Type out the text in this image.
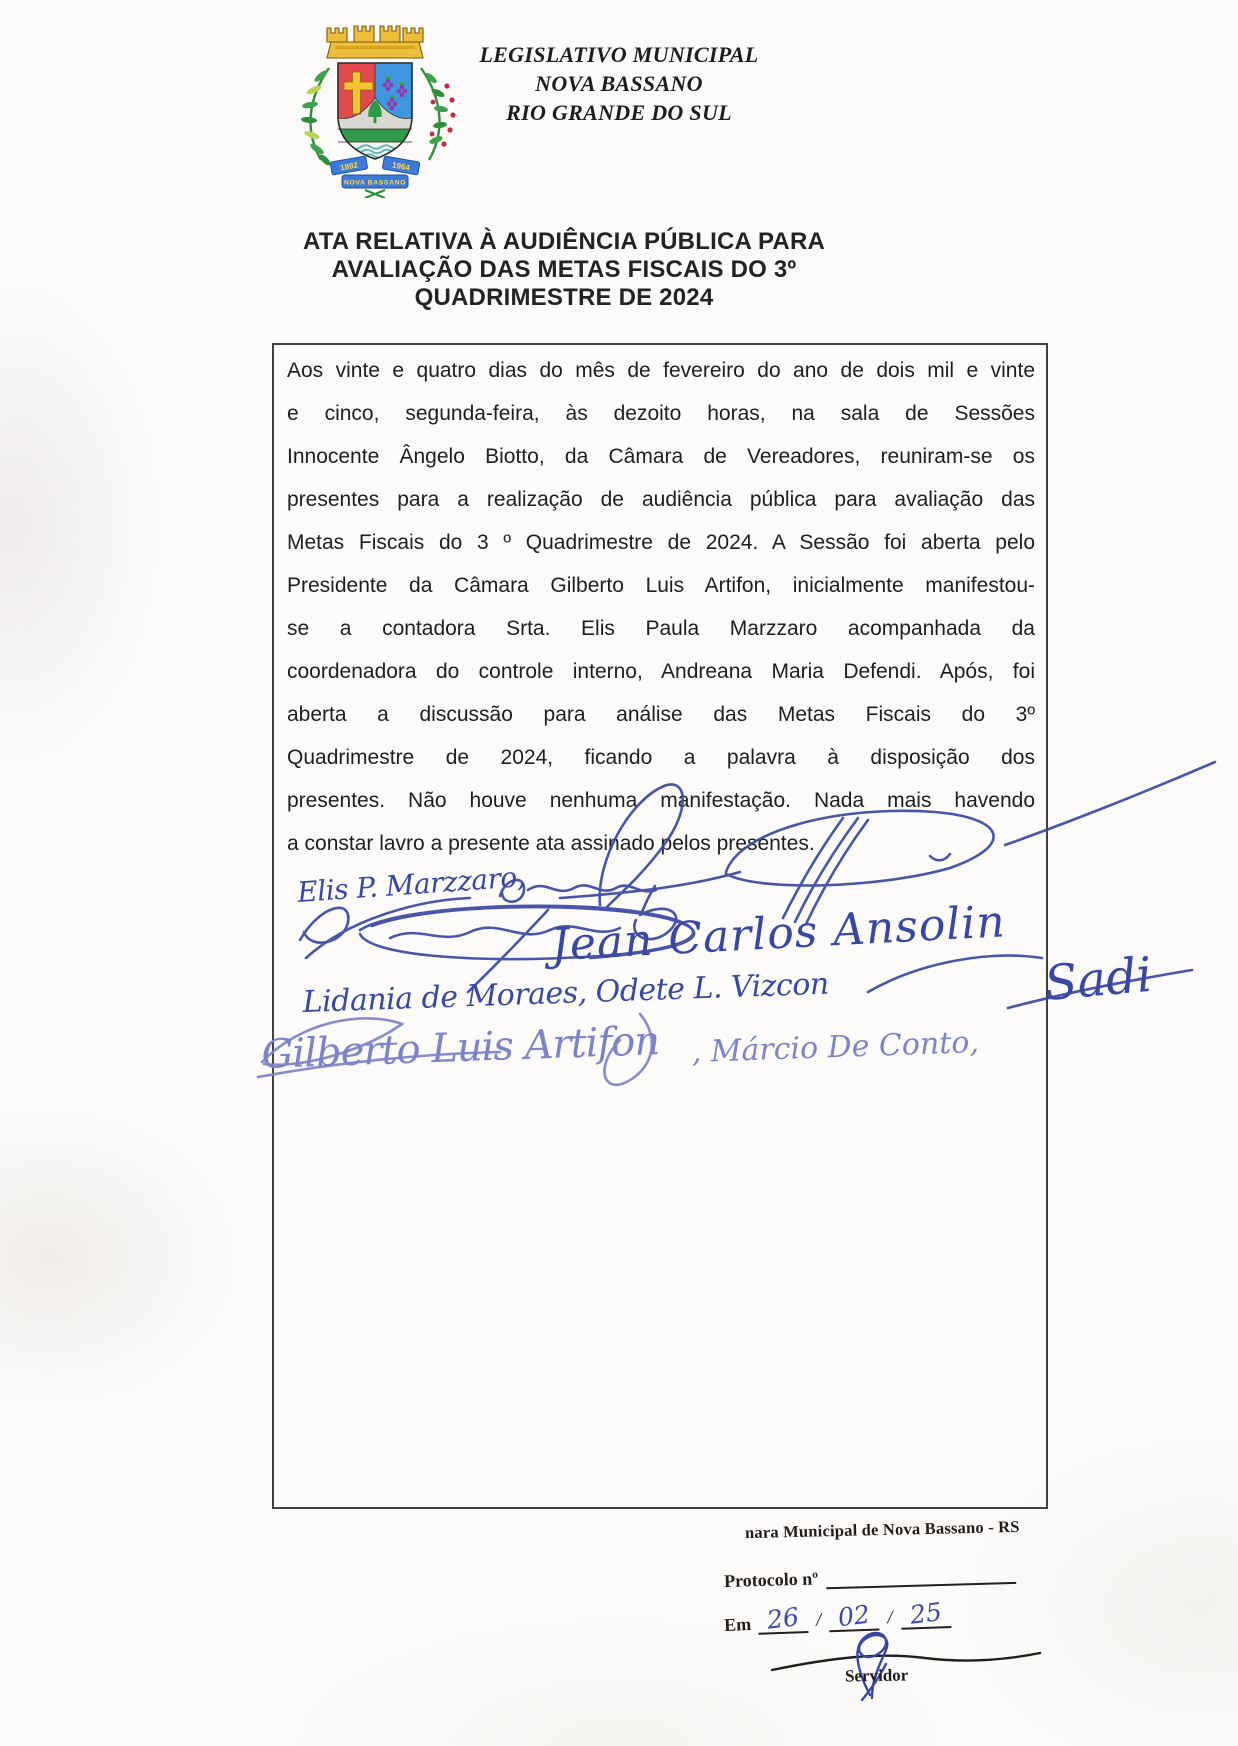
1892	1964
NOVA BASSANO
LEGISLATIVO MUNICIPAL
NOVA BASSANO
RIO GRANDE DO SUL
ATA RELATIVA À AUDIÊNCIA PÚBLICA PARA
AVALIAÇÃO DAS METAS FISCAIS DO 3º
QUADRIMESTRE DE 2024
Aos vinte e quatro dias do mês de fevereiro do ano de dois mil e vinte
e cinco, segunda-feira, às dezoito horas, na sala de Sessões
Innocente Ângelo Biotto, da Câmara de Vereadores, reuniram-se os
presentes para a realização de audiência pública para avaliação das
Metas Fiscais do 3 º Quadrimestre de 2024. A Sessão foi aberta pelo
Presidente da Câmara Gilberto Luis Artifon, inicialmente manifestou-
se a contadora Srta. Elis Paula Marzzaro acompanhada da
coordenadora do controle interno, Andreana Maria Defendi. Após, foi
aberta a discussão para análise das Metas Fiscais do 3º
Quadrimestre de 2024, ficando a palavra à disposição dos
presentes. Não houve nenhuma manifestação. Nada mais havendo
a constar lavro a presente ata assinado pelos presentes.
Elis P. Marzzaro,
Jean Carlos Ansolin
Lidania de Moraes, Odete L. Vizcon	Sadi
Gilberto Luis Artifon , Márcio De Conto,
nara Municipal de Nova Bassano - RS
Protocolo nº
Em 26 / 02 / 25
Servidor
